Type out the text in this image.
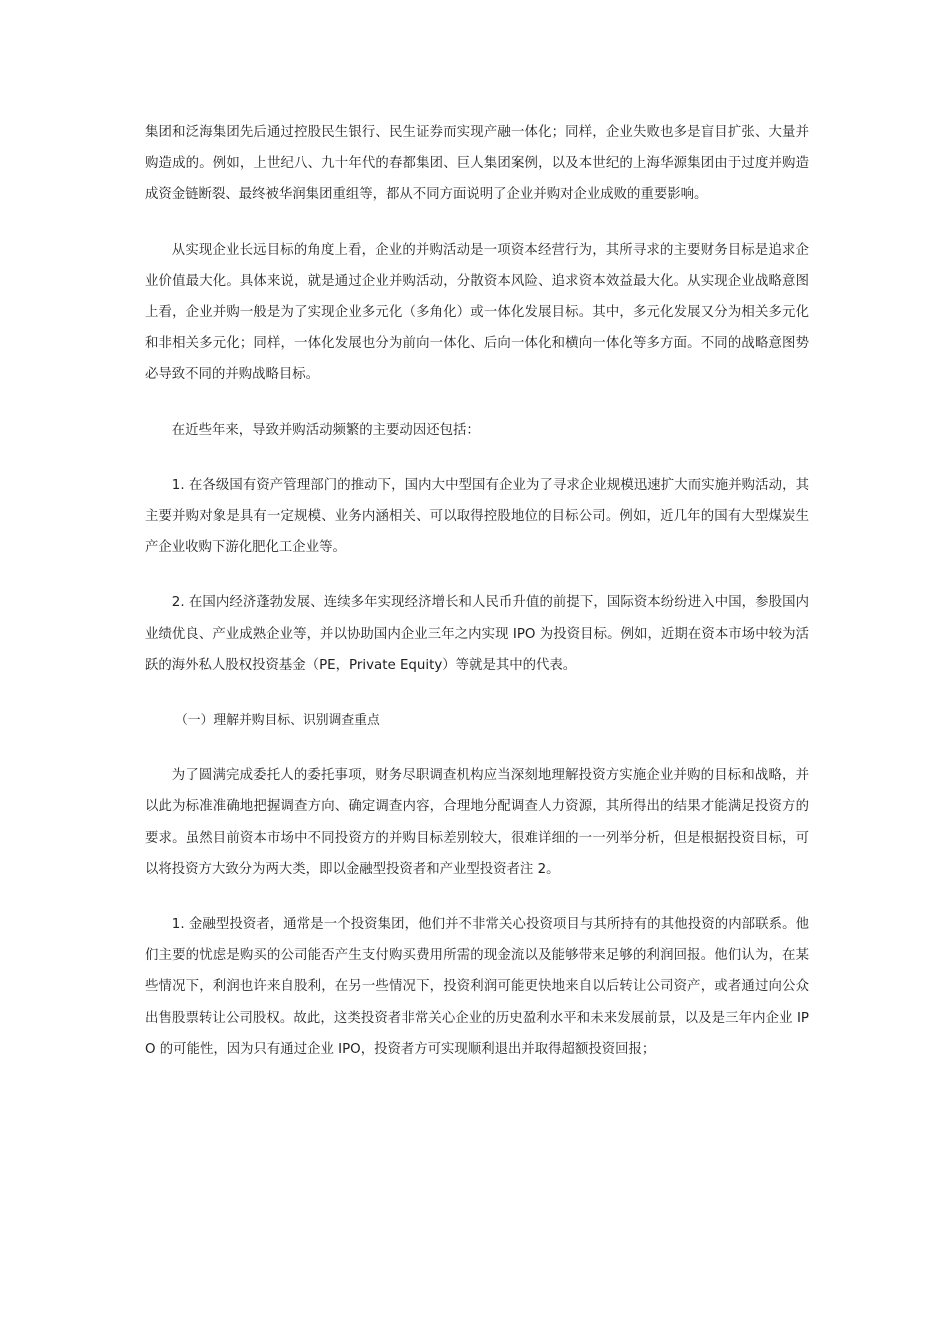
集团和泛海集团先后通过控股民生银行、民生证券而实现产融一体化；同样，企业失败也多是盲目扩张、大量并购造成的。例如，上世纪八、九十年代的春都集团、巨人集团案例，以及本世纪的上海华源集团由于过度并购造成资金链断裂、最终被华润集团重组等，都从不同方面说明了企业并购对企业成败的重要影响。

从实现企业长远目标的角度上看，企业的并购活动是一项资本经营行为，其所寻求的主要财务目标是追求企业价值最大化。具体来说，就是通过企业并购活动，分散资本风险、追求资本效益最大化。从实现企业战略意图上看，企业并购一般是为了实现企业多元化（多角化）或一体化发展目标。其中，多元化发展又分为相关多元化和非相关多元化；同样，一体化发展也分为前向一体化、后向一体化和横向一体化等多方面。不同的战略意图势必导致不同的并购战略目标。

在近些年来，导致并购活动频繁的主要动因还包括：

1. 在各级国有资产管理部门的推动下，国内大中型国有企业为了寻求企业规模迅速扩大而实施并购活动，其主要并购对象是具有一定规模、业务内涵相关、可以取得控股地位的目标公司。例如，近几年的国有大型煤炭生产企业收购下游化肥化工企业等。

2. 在国内经济蓬勃发展、连续多年实现经济增长和人民币升值的前提下，国际资本纷纷进入中国，参股国内业绩优良、产业成熟企业等，并以协助国内企业三年之内实现 IPO 为投资目标。例如，近期在资本市场中较为活跃的海外私人股权投资基金（PE，Private Equity）等就是其中的代表。

（一）理解并购目标、识别调查重点

为了圆满完成委托人的委托事项，财务尽职调查机构应当深刻地理解投资方实施企业并购的目标和战略，并以此为标准准确地把握调查方向、确定调查内容，合理地分配调查人力资源，其所得出的结果才能满足投资方的要求。虽然目前资本市场中不同投资方的并购目标差别较大，很难详细的一一列举分析，但是根据投资目标，可以将投资方大致分为两大类，即以金融型投资者和产业型投资者注 2。

1. 金融型投资者，通常是一个投资集团，他们并不非常关心投资项目与其所持有的其他投资的内部联系。他们主要的忧虑是购买的公司能否产生支付购买费用所需的现金流以及能够带来足够的利润回报。他们认为，在某些情况下，利润也许来自股利，在另一些情况下，投资利润可能更快地来自以后转让公司资产，或者通过向公众出售股票转让公司股权。故此，这类投资者非常关心企业的历史盈利水平和未来发展前景，以及是三年内企业 IPO 的可能性，因为只有通过企业 IPO，投资者方可实现顺利退出并取得超额投资回报；
